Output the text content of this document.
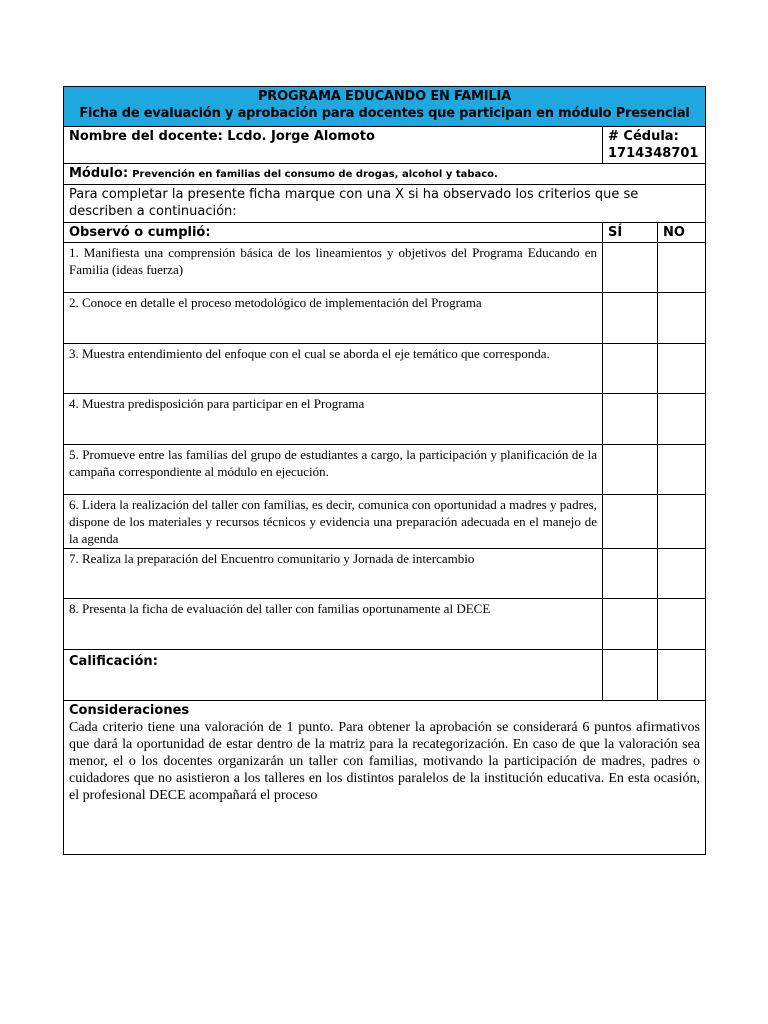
PROGRAMA EDUCANDO EN FAMILIA
Ficha de evaluación y aprobación para docentes que participan en módulo Presencial		

Nombre del docente: Lcdo. Jorge Alomoto	# Cédula:
1714348701	

Módulo: Prevención en familias del consumo de drogas, alcohol y tabaco.		
Para completar la presente ficha marque con una X si ha observado los criterios que se describen a continuación:		
Observó o cumplió:	SÍ	NO
1. Manifiesta una comprensión básica de los lineamientos y objetivos del Programa Educando en Familia (ideas fuerza)		
2. Conoce en detalle el proceso metodológico de implementación del Programa		
3. Muestra entendimiento del enfoque con el cual se aborda el eje temático que corresponda.		
4. Muestra predisposición para participar en el Programa		
5. Promueve entre las familias del grupo de estudiantes a cargo, la participación y planificación de la campaña correspondiente al módulo en ejecución.		
6. Lidera la realización del taller con familias, es decir, comunica con oportunidad a madres y padres, dispone de los materiales y recursos técnicos y evidencia una preparación adecuada en el manejo de la agenda		
7. Realiza la preparación del Encuentro comunitario y Jornada de intercambio		
8. Presenta la ficha de evaluación del taller con familias oportunamente al DECE		
Calificación:		

Consideraciones
Cada criterio tiene una valoración de 1 punto. Para obtener la aprobación se considerará 6 puntos afirmativos que dará la oportunidad de estar dentro de la matriz para la recategorización. En caso de que la valoración sea menor, el o los docentes organizarán un taller con familias, motivando la participación de madres, padres o cuidadores que no asistieron a los talleres en los distintos paralelos de la institución educativa. En esta ocasión, el profesional DECE acompañará el proceso		
